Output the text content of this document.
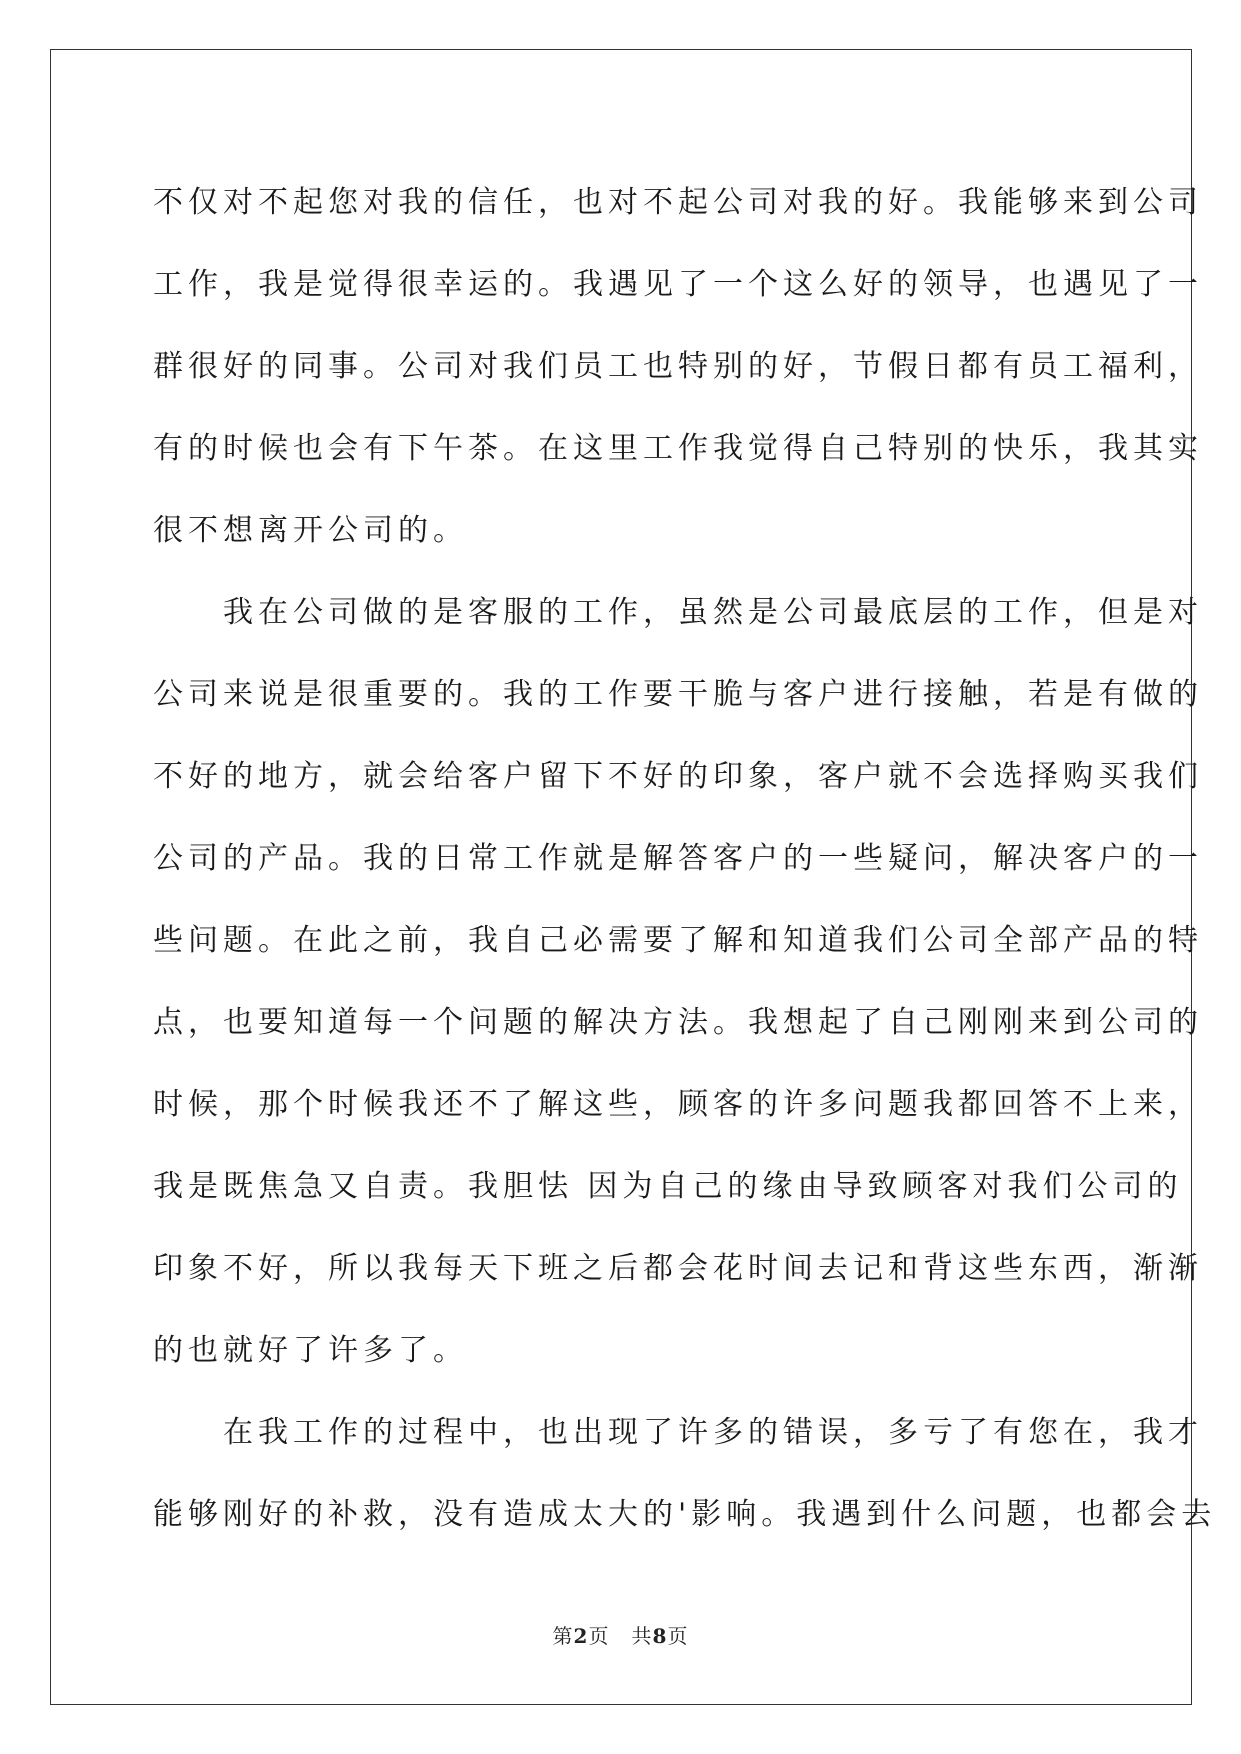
不仅对不起您对我的信任，也对不起公司对我的好。我能够来到公司
工作，我是觉得很幸运的。我遇见了一个这么好的领导，也遇见了一
群很好的同事。公司对我们员工也特别的好，节假日都有员工福利，
有的时候也会有下午茶。在这里工作我觉得自己特别的快乐，我其实
很不想离开公司的。
　　我在公司做的是客服的工作，虽然是公司最底层的工作，但是对
公司来说是很重要的。我的工作要干脆与客户进行接触，若是有做的
不好的地方，就会给客户留下不好的印象，客户就不会选择购买我们
公司的产品。我的日常工作就是解答客户的一些疑问，解决客户的一
些问题。在此之前，我自己必需要了解和知道我们公司全部产品的特
点，也要知道每一个问题的解决方法。我想起了自己刚刚来到公司的
时候，那个时候我还不了解这些，顾客的许多问题我都回答不上来，
我是既焦急又自责。我胆怯 因为自己的缘由导致顾客对我们公司的
印象不好，所以我每天下班之后都会花时间去记和背这些东西，渐渐
的也就好了许多了。
　　在我工作的过程中，也出现了许多的错误，多亏了有您在，我才
能够刚好的补救，没有造成太大的'影响。我遇到什么问题，也都会去
第2页 共8页
